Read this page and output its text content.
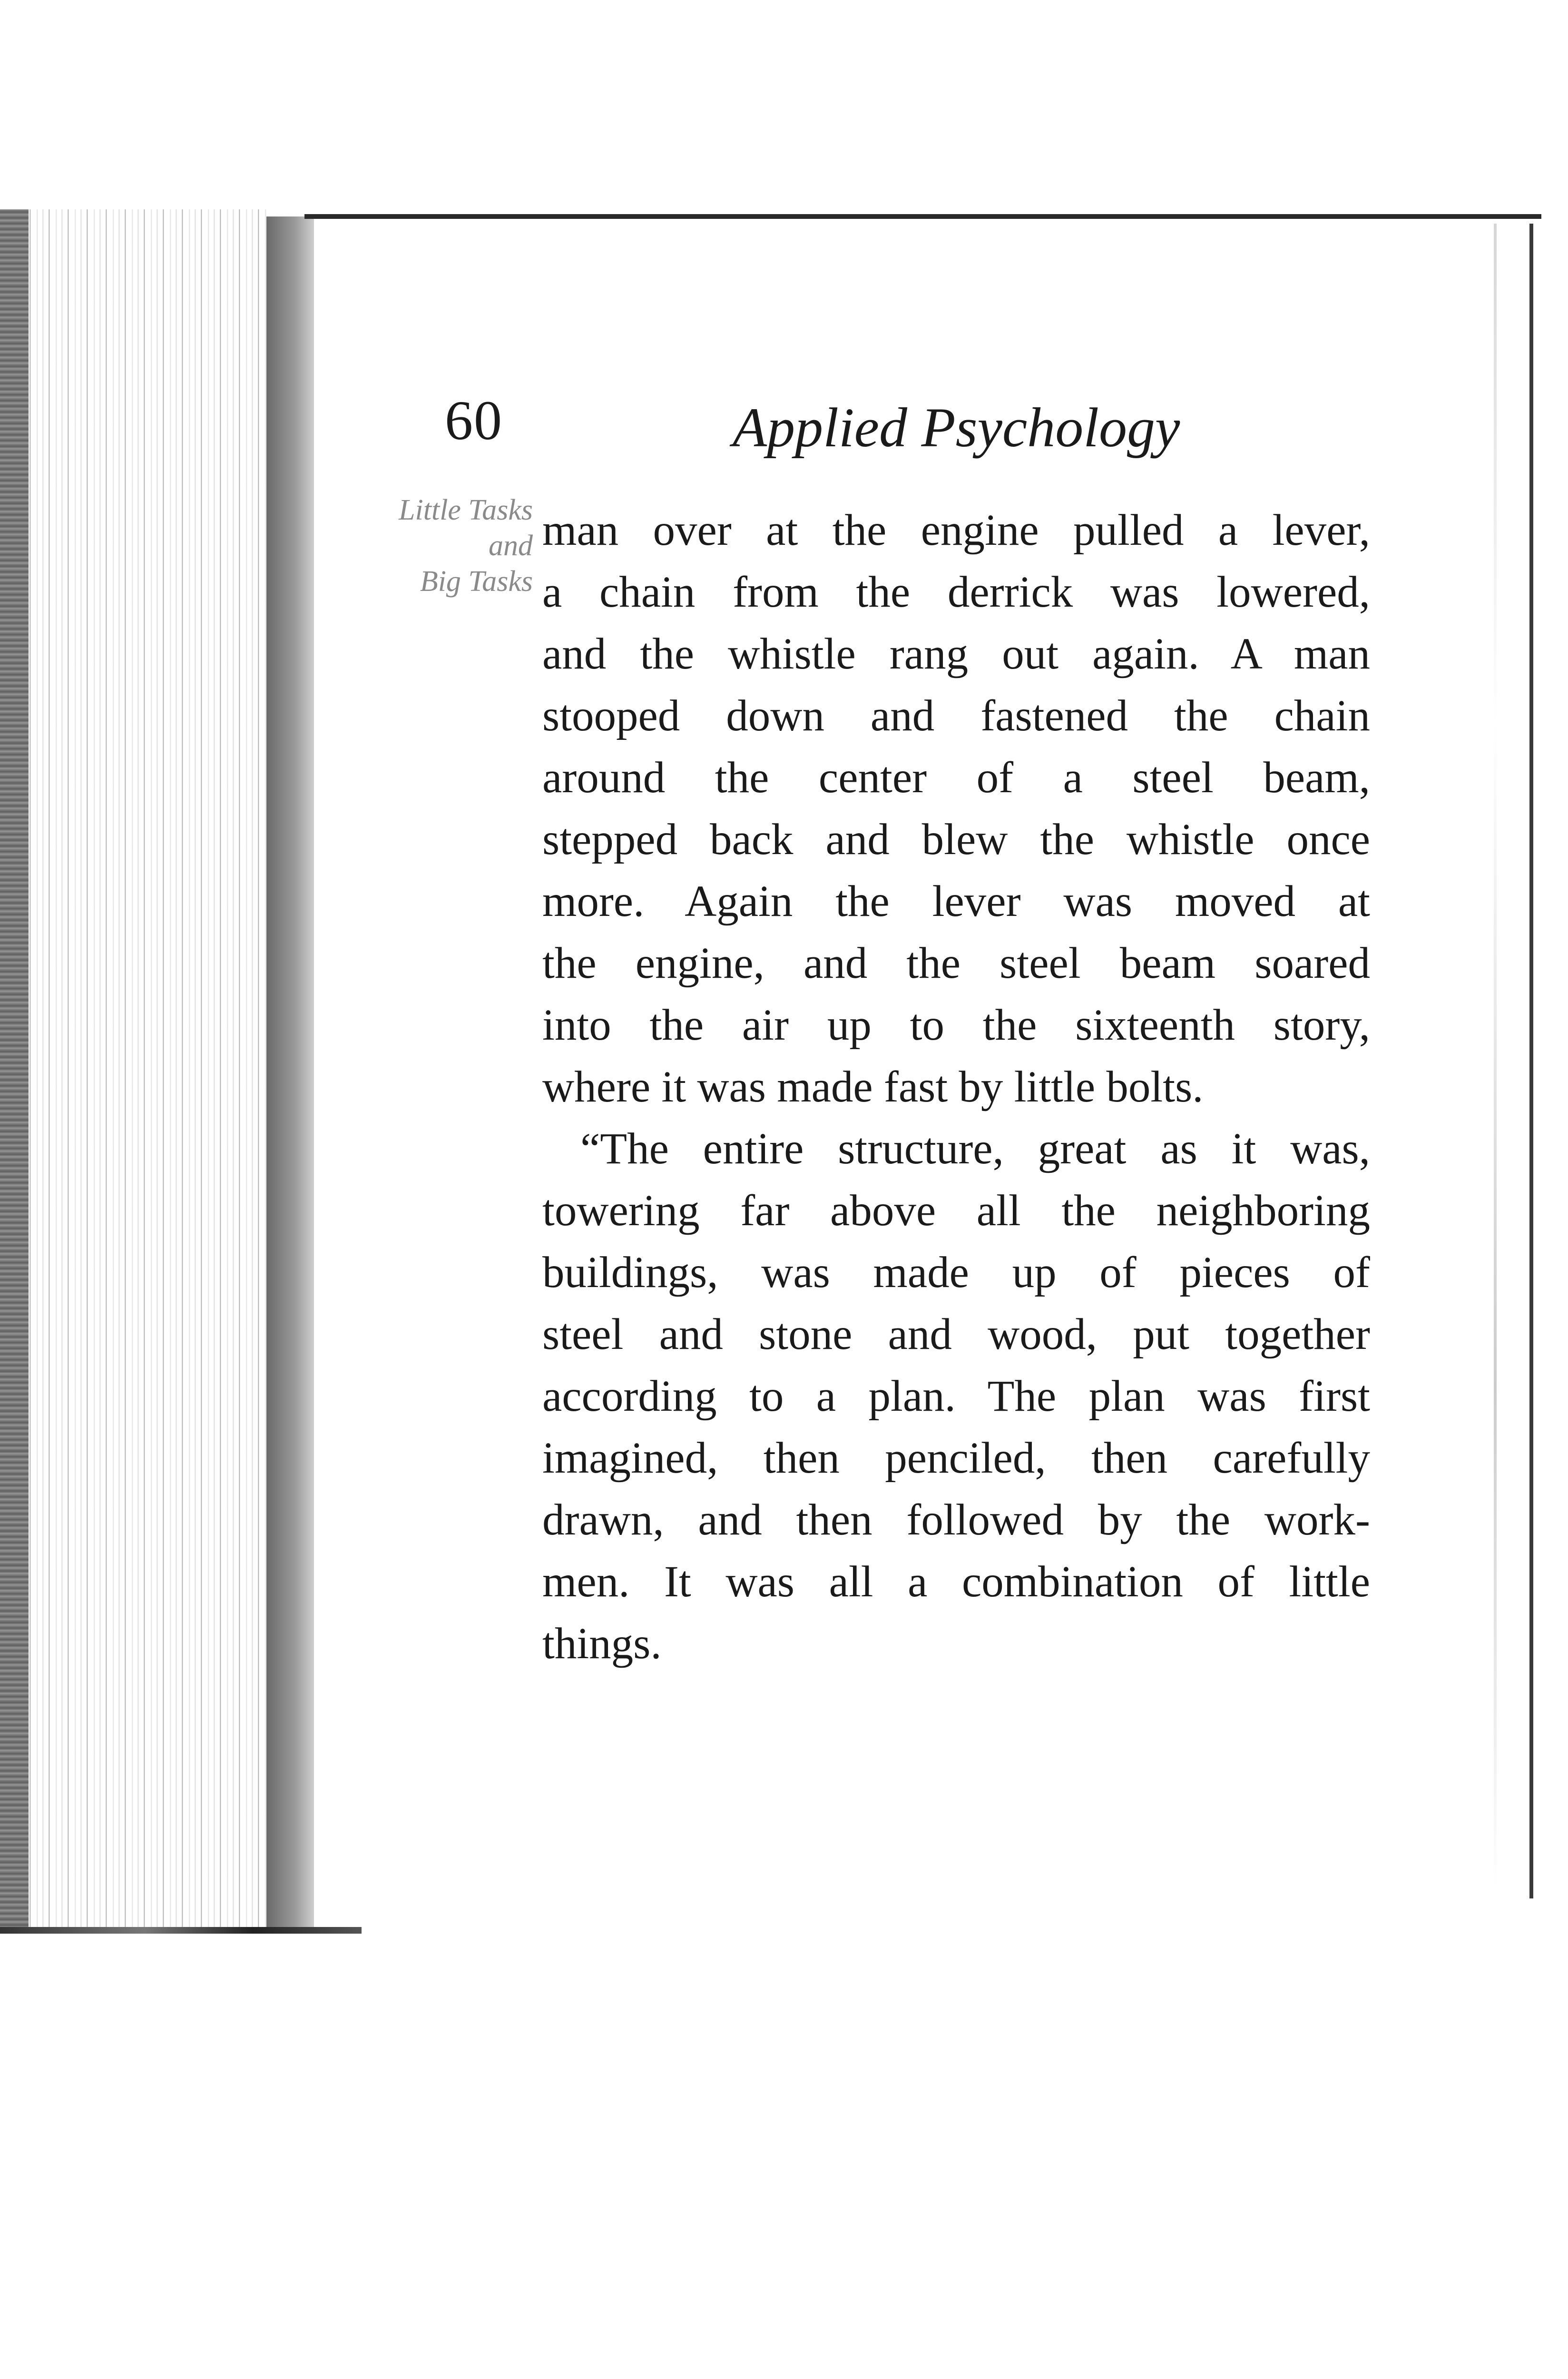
60	Applied Psychology
Little Tasks
and
Big Tasks
man over at the engine pulled a lever,
a chain from the derrick was lowered,
and the whistle rang out again. A man
stooped down and fastened the chain
around the center of a steel beam,
stepped back and blew the whistle once
more. Again the lever was moved at
the engine, and the steel beam soared
into the air up to the sixteenth story,
where it was made fast by little bolts.
“The entire structure, great as it was,
towering far above all the neighboring
buildings, was made up of pieces of
steel and stone and wood, put together
according to a plan. The plan was first
imagined, then penciled, then carefully
drawn, and then followed by the work-
men. It was all a combination of little
things.
